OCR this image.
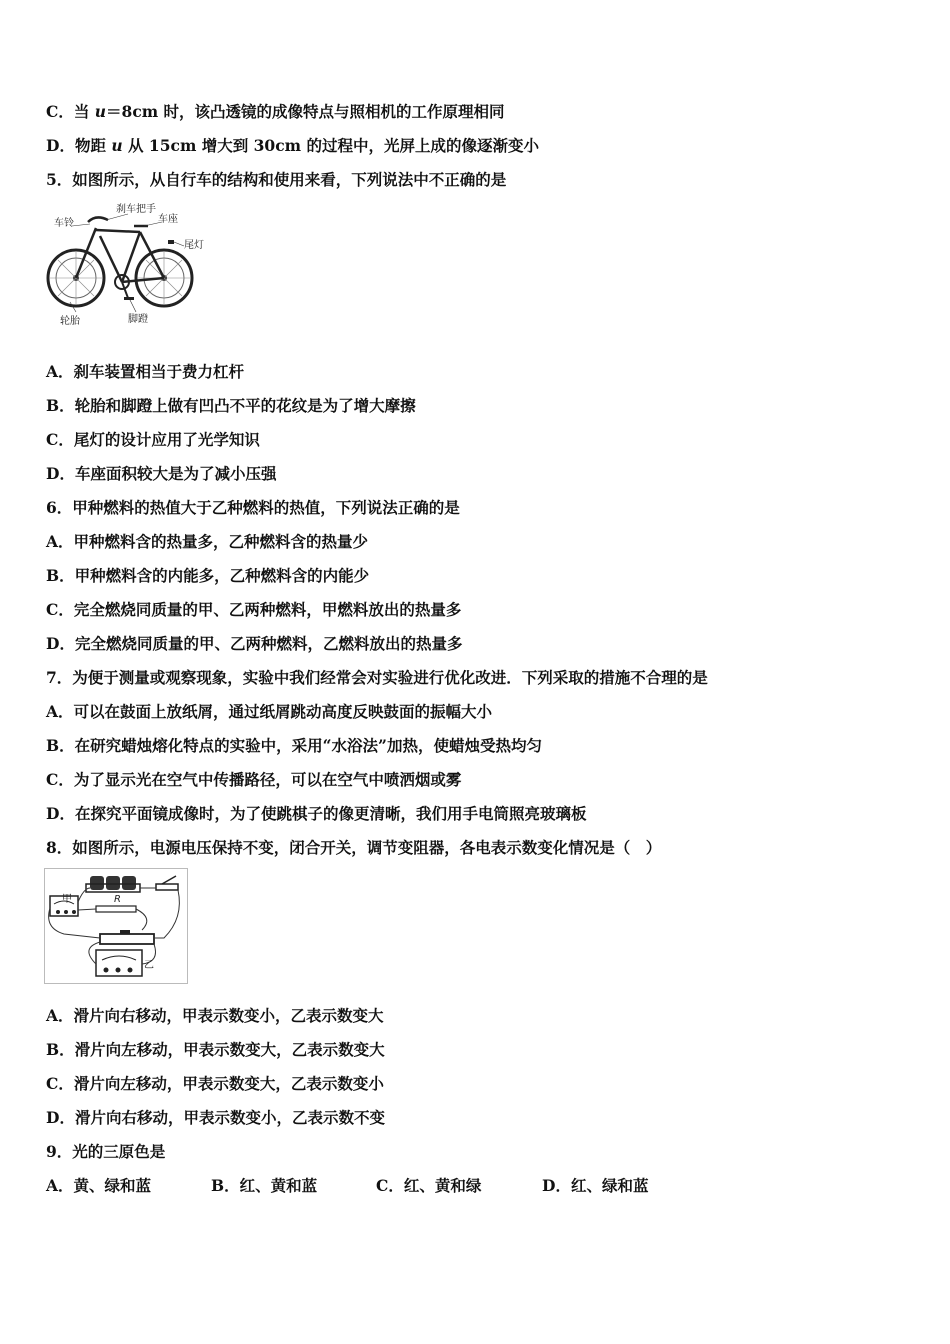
C．当 u＝8cm 时，该凸透镜的成像特点与照相机的工作原理相同
D．物距 u 从 15cm 增大到 30cm 的过程中，光屏上成的像逐渐变小
5．如图所示，从自行车的结构和使用来看，下列说法中不正确的是
车铃
刹车把手
车座
尾灯
轮胎	脚蹬
A．刹车装置相当于费力杠杆
B．轮胎和脚蹬上做有凹凸不平的花纹是为了增大摩擦
C．尾灯的设计应用了光学知识
D．车座面积较大是为了减小压强
6．甲种燃料的热值大于乙种燃料的热值，下列说法正确的是
A．甲种燃料含的热量多，乙种燃料含的热量少
B．甲种燃料含的内能多，乙种燃料含的内能少
C．完全燃烧同质量的甲、乙两种燃料，甲燃料放出的热量多
D．完全燃烧同质量的甲、乙两种燃料，乙燃料放出的热量多
7．为便于测量或观察现象，实验中我们经常会对实验进行优化改进．下列采取的措施不合理的是
A．可以在鼓面上放纸屑，通过纸屑跳动高度反映鼓面的振幅大小
B．在研究蜡烛熔化特点的实验中，采用“水浴法”加热，使蜡烛受热均匀
C．为了显示光在空气中传播路径，可以在空气中喷洒烟或雾
D．在探究平面镜成像时，为了使跳棋子的像更清晰，我们用手电筒照亮玻璃板
8．如图所示，电源电压保持不变，闭合开关，调节变阻器，各电表示数变化情况是（　）
甲	R
乙
A．滑片向右移动，甲表示数变小，乙表示数变大
B．滑片向左移动，甲表示数变大，乙表示数变大
C．滑片向左移动，甲表示数变大，乙表示数变小
D．滑片向右移动，甲表示数变小，乙表示数不变
9．光的三原色是
A．黄、绿和蓝	B．红、黄和蓝	C．红、黄和绿	D．红、绿和蓝
